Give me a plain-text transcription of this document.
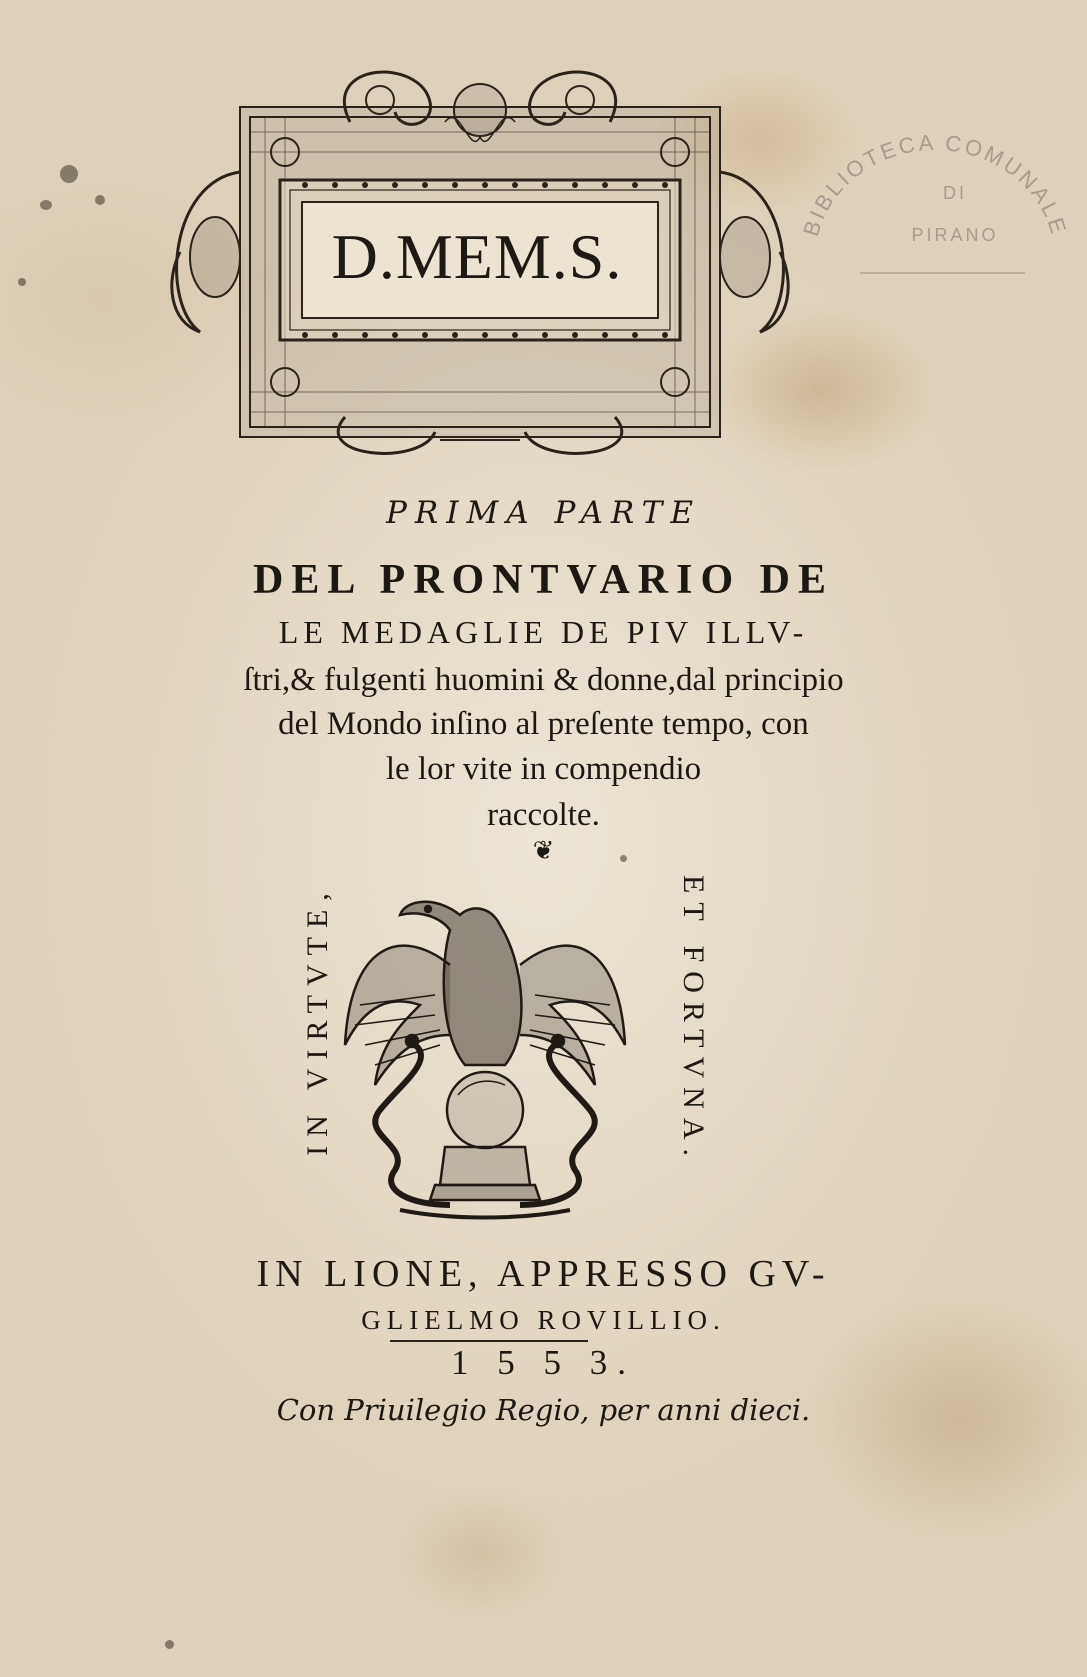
BIBLIOTECA COMUNALE
DI
PIRANO
D.MEM.S.
PRIMA PARTE
DEL PRONTVARIO DE
LE MEDAGLIE DE PIV ILLV-
ſtri,& fulgenti huomini & donne,dal principio
del Mondo inſino al preſente tempo, con
le lor vite in compendio
raccolte.
❦
IN VIRTVTE,	ET FORTVNA.
IN LIONE, APPRESSO GV-
GLIELMO ROVILLIO.
1 5 5 3.
Con Priuilegio Regio, per anni dieci.
